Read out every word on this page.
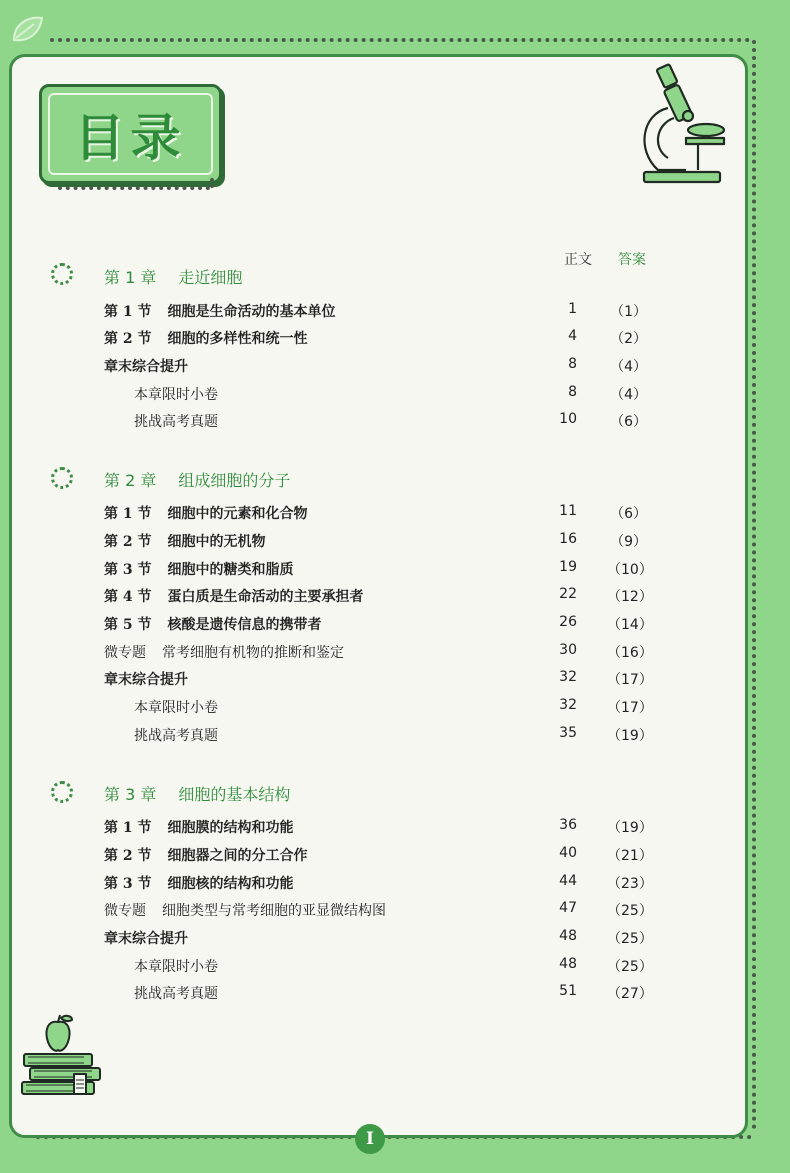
目录
正文 答案
第 1 章 走近细胞
第 1 节 细胞是生命活动的基本单位	1 （1）
第 2 节 细胞的多样性和统一性	4 （2）
章末综合提升	8 （4）
本章限时小卷	8 （4）
挑战高考真题	10 （6）
第 2 章 组成细胞的分子
第 1 节 细胞中的元素和化合物	11 （6）
第 2 节 细胞中的无机物	16 （9）
第 3 节 细胞中的糖类和脂质	19 （10）
第 4 节 蛋白质是生命活动的主要承担者	22 （12）
第 5 节 核酸是遗传信息的携带者	26 （14）
微专题 常考细胞有机物的推断和鉴定	30 （16）
章末综合提升	32 （17）
本章限时小卷	32 （17）
挑战高考真题	35 （19）
第 3 章 细胞的基本结构
第 1 节 细胞膜的结构和功能	36 （19）
第 2 节 细胞器之间的分工合作	40 （21）
第 3 节 细胞核的结构和功能	44 （23）
微专题 细胞类型与常考细胞的亚显微结构图	47 （25）
章末综合提升	48 （25）
本章限时小卷	48 （25）
挑战高考真题	51 （27）
I
